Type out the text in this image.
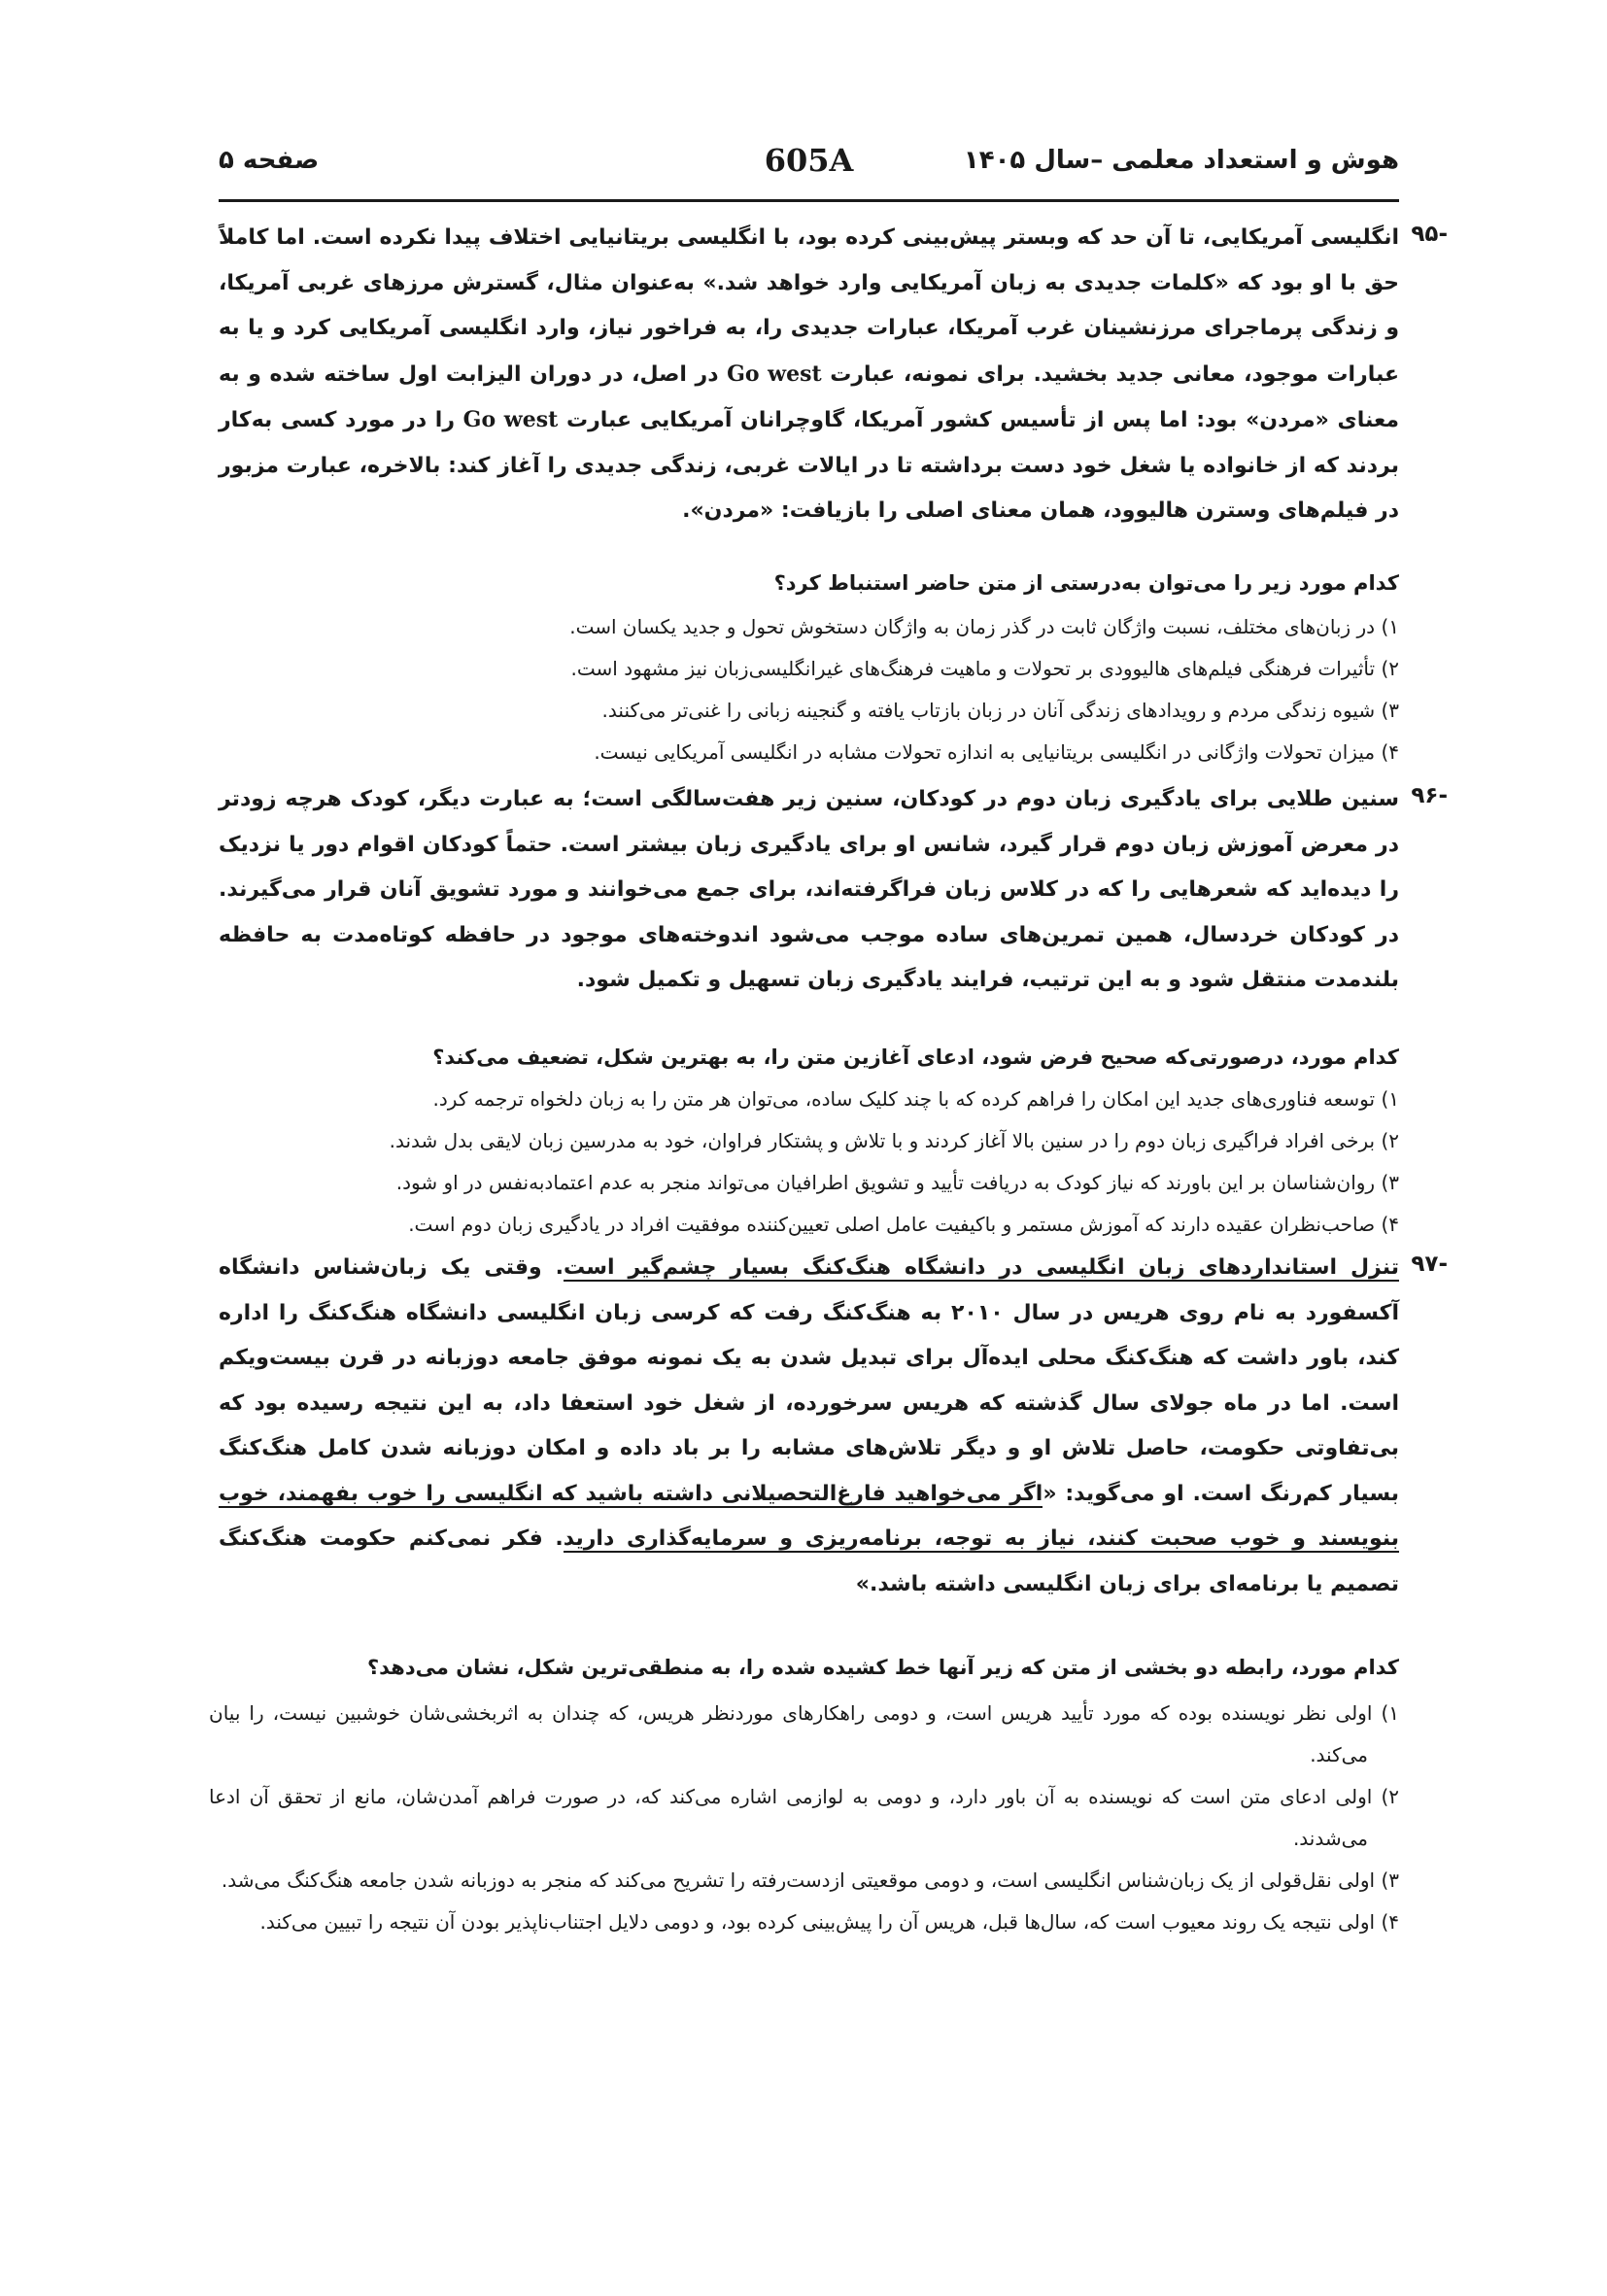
هوش و استعداد معلمی –سال ۱۴۰۵
605A
صفحه ۵
-۹۵
انگلیسی آمریکایی، تا آن حد که وبستر پیش‌بینی کرده بود، با انگلیسی بریتانیایی اختلاف پیدا نکرده است. اما کاملاً حق با او بود که «کلمات جدیدی به زبان آمریکایی وارد خواهد شد.» به‌عنوان مثال، گسترش مرزهای غربی آمریکا، و زندگی پرماجرای مرزنشینان غرب آمریکا، عبارات جدیدی را، به فراخور نیاز، وارد انگلیسی آمریکایی کرد و یا به عبارات موجود، معانی جدید بخشید. برای نمونه، عبارت Go west در اصل، در دوران الیزابت اول ساخته شده و به معنای «مردن» بود: اما پس از تأسیس کشور آمریکا، گاوچرانان آمریکایی عبارت Go west را در مورد کسی به‌کار بردند که از خانواده یا شغل خود دست برداشته تا در ایالات غربی، زندگی جدیدی را آغاز کند: بالاخره، عبارت مزبور در فیلم‌های وسترن هالیوود، همان معنای اصلی را بازیافت: «مردن».
کدام مورد زیر را می‌توان به‌درستی از متن حاضر استنباط کرد؟
۱) در زبان‌های مختلف، نسبت واژگان ثابت در گذر زمان به واژگان دستخوش تحول و جدید یکسان است.
۲) تأثیرات فرهنگی فیلم‌های هالیوودی بر تحولات و ماهیت فرهنگ‌های غیرانگلیسی‌زبان نیز مشهود است.
۳) شیوه زندگی مردم و رویدادهای زندگی آنان در زبان بازتاب یافته و گنجینه زبانی را غنی‌تر می‌کنند.
۴) میزان تحولات واژگانی در انگلیسی بریتانیایی به اندازه تحولات مشابه در انگلیسی آمریکایی نیست.
-۹۶
سنین طلایی برای یادگیری زبان دوم در کودکان، سنین زیر هفت‌سالگی است؛ به عبارت دیگر، کودک هرچه زودتر در معرض آموزش زبان دوم قرار گیرد، شانس او برای یادگیری زبان بیشتر است. حتماً کودکان اقوام دور یا نزدیک را دیده‌اید که شعرهایی را که در کلاس زبان فراگرفته‌اند، برای جمع می‌خوانند و مورد تشویق آنان قرار می‌گیرند. در کودکان خردسال، همین تمرین‌های ساده موجب می‌شود اندوخته‌های موجود در حافظه کوتاه‌مدت به حافظه بلندمدت منتقل شود و به این ترتیب، فرایند یادگیری زبان تسهیل و تکمیل شود.
کدام مورد، درصورتی‌که صحیح فرض شود، ادعای آغازین متن را، به بهترین شکل، تضعیف می‌کند؟
۱) توسعه فناوری‌های جدید این امکان را فراهم کرده که با چند کلیک ساده، می‌توان هر متن را به زبان دلخواه ترجمه کرد.
۲) برخی افراد فراگیری زبان دوم را در سنین بالا آغاز کردند و با تلاش و پشتکار فراوان، خود به مدرسین زبان لایقی بدل شدند.
۳) روان‌شناسان بر این باورند که نیاز کودک به دریافت تأیید و تشویق اطرافیان می‌تواند منجر به عدم اعتمادبه‌نفس در او شود.
۴) صاحب‌نظران عقیده دارند که آموزش مستمر و باکیفیت عامل اصلی تعیین‌کننده موفقیت افراد در یادگیری زبان دوم است.
-۹۷
تنزل استانداردهای زبان انگلیسی در دانشگاه هنگ‌کنگ بسیار چشم‌گیر است. وقتی یک زبان‌شناس دانشگاه آکسفورد به نام روی هریس در سال ۲۰۱۰ به هنگ‌کنگ رفت که کرسی زبان انگلیسی دانشگاه هنگ‌کنگ را اداره کند، باور داشت که هنگ‌کنگ محلی ایده‌آل برای تبدیل شدن به یک نمونه موفق جامعه دوزبانه در قرن بیست‌ویکم است. اما در ماه جولای سال گذشته که هریس سرخورده، از شغل خود استعفا داد، به این نتیجه رسیده بود که بی‌تفاوتی حکومت، حاصل تلاش او و دیگر تلاش‌های مشابه را بر باد داده و امکان دوزبانه شدن کامل هنگ‌کنگ بسیار کم‌رنگ است. او می‌گوید: «اگر می‌خواهید فارغ‌التحصیلانی داشته باشید که انگلیسی را خوب بفهمند، خوب بنویسند و خوب صحبت کنند، نیاز به توجه، برنامه‌ریزی و سرمایه‌گذاری دارید. فکر نمی‌کنم حکومت هنگ‌کنگ تصمیم یا برنامه‌ای برای زبان انگلیسی داشته باشد.»
کدام مورد، رابطه دو بخشی از متن که زیر آنها خط کشیده شده را، به منطقی‌ترین شکل، نشان می‌دهد؟
۱) اولی نظر نویسنده بوده که مورد تأیید هریس است، و دومی راهکارهای موردنظر هریس، که چندان به اثربخشی‌شان خوشبین نیست، را بیان می‌کند.
۲) اولی ادعای متن است که نویسنده به آن باور دارد، و دومی به لوازمی اشاره می‌کند که، در صورت فراهم آمدن‌شان، مانع از تحقق آن ادعا می‌شدند.
۳) اولی نقل‌قولی از یک زبان‌شناس انگلیسی است، و دومی موقعیتی ازدست‌رفته را تشریح می‌کند که منجر به دوزبانه شدن جامعه هنگ‌کنگ می‌شد.
۴) اولی نتیجه یک روند معیوب است که، سال‌ها قبل، هریس آن را پیش‌بینی کرده بود، و دومی دلایل اجتناب‌ناپذیر بودن آن نتیجه را تبیین می‌کند.
